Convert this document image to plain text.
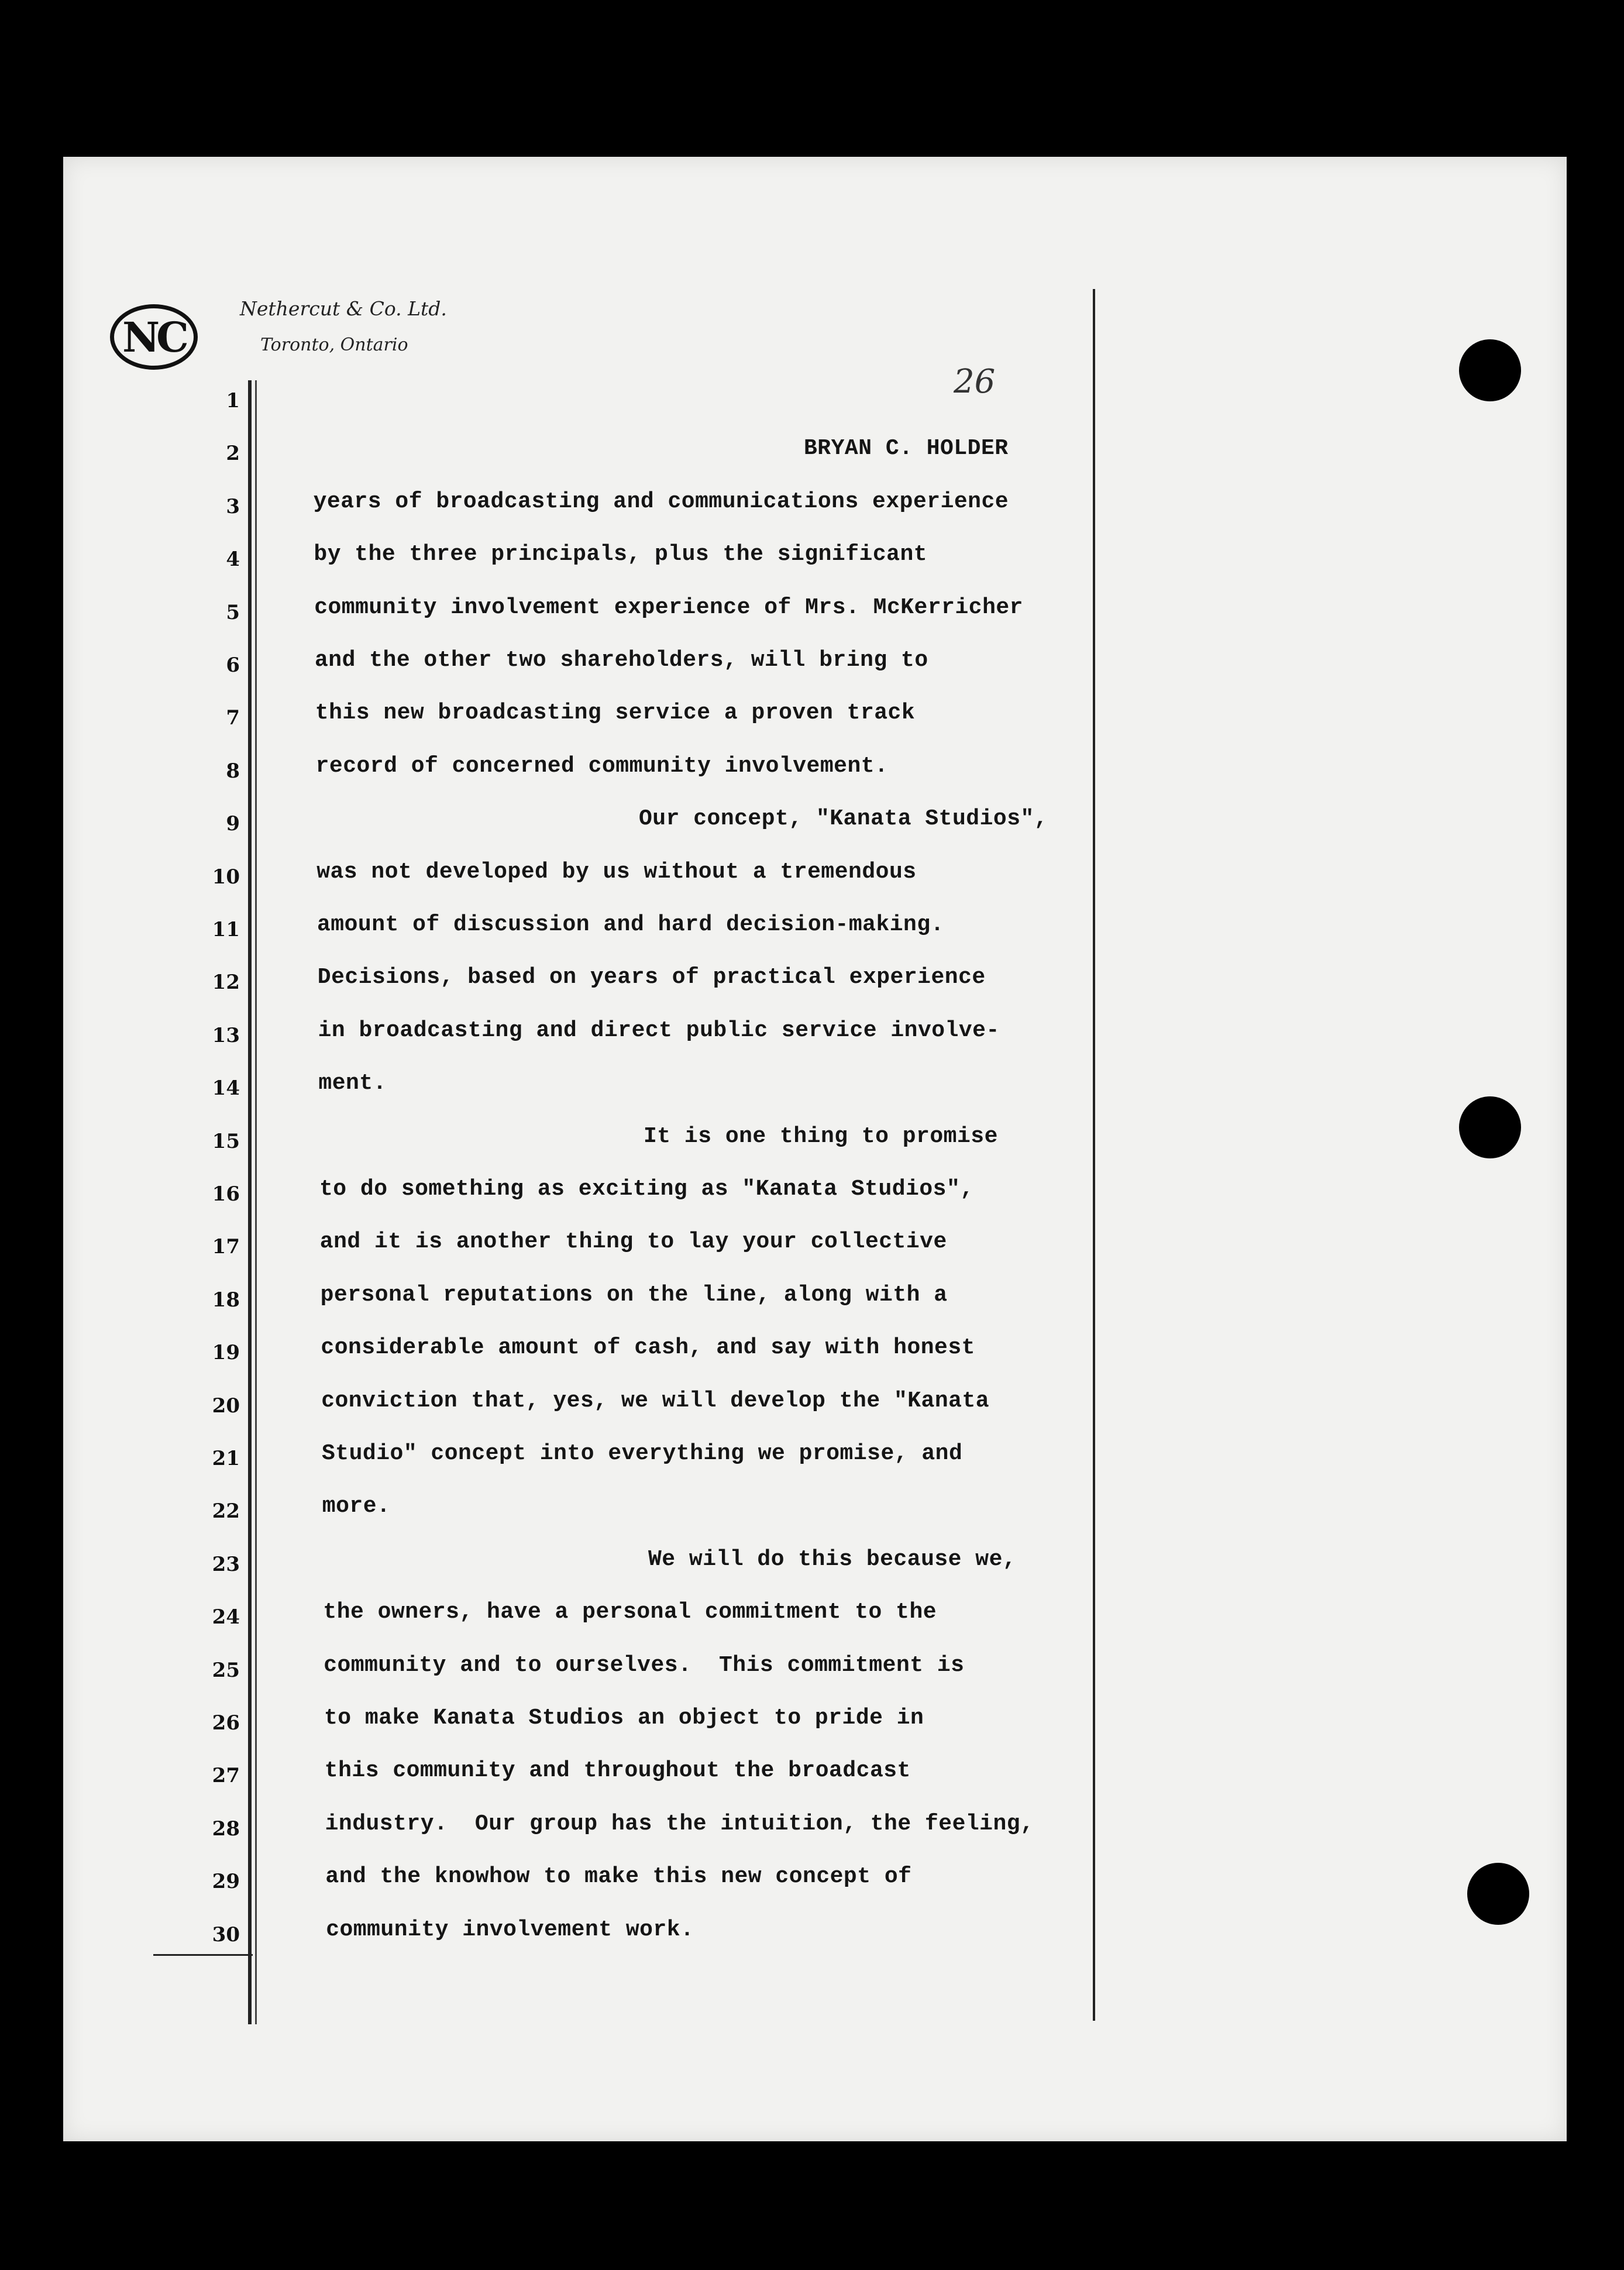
NC
Nethercut & Co. Ltd.
Toronto, Ontario
26
1
2	BRYAN C. HOLDER
3	years of broadcasting and communications experience
4	by the three principals, plus the significant
5	community involvement experience of Mrs. McKerricher
6	and the other two shareholders, will bring to
7	this new broadcasting service a proven track
8	record of concerned community involvement.
9	Our concept, "Kanata Studios",
10	was not developed by us without a tremendous
11	amount of discussion and hard decision-making.
12	Decisions, based on years of practical experience
13	in broadcasting and direct public service involve-
14	ment.
15	It is one thing to promise
16	to do something as exciting as "Kanata Studios",
17	and it is another thing to lay your collective
18	personal reputations on the line, along with a
19	considerable amount of cash, and say with honest
20	conviction that, yes, we will develop the "Kanata
21	Studio" concept into everything we promise, and
22	more.
23	We will do this because we,
24	the owners, have a personal commitment to the
25	community and to ourselves.  This commitment is
26	to make Kanata Studios an object to pride in
27	this community and throughout the broadcast
28	industry.  Our group has the intuition, the feeling,
29	and the knowhow to make this new concept of
30	community involvement work.
